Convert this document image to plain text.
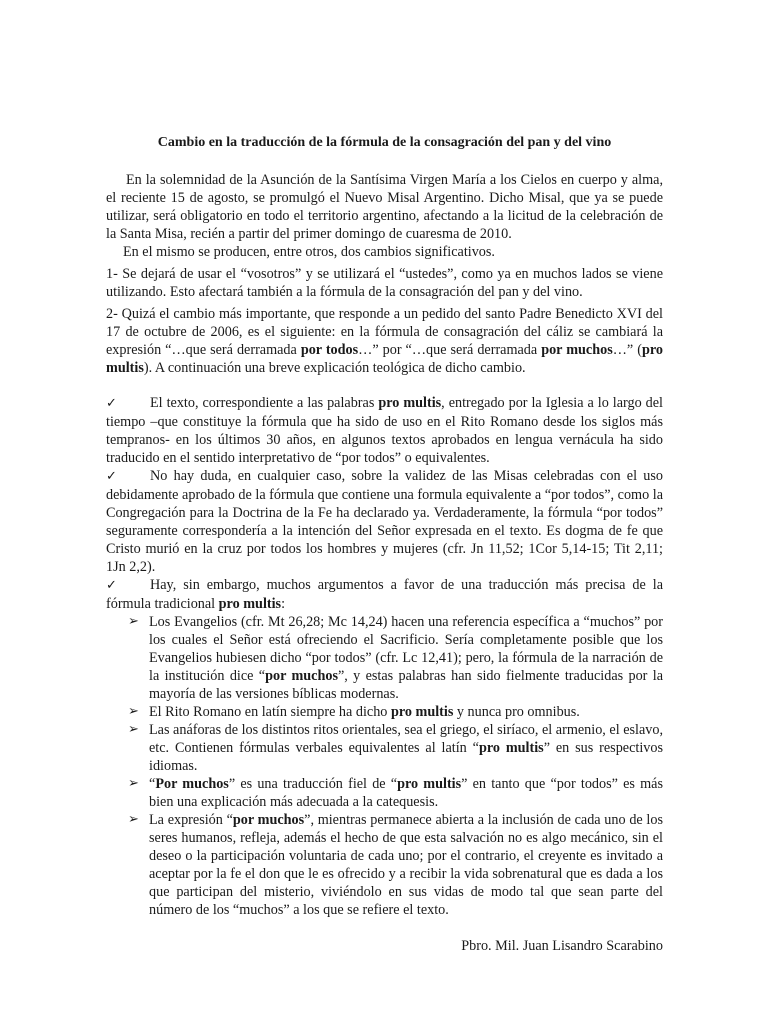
Cambio en la traducción de la fórmula de la consagración del pan y del vino

En la solemnidad de la Asunción de la Santísima Virgen María a los Cielos en cuerpo y alma, el reciente 15 de agosto, se promulgó el Nuevo Misal Argentino. Dicho Misal, que ya se puede utilizar, será obligatorio en todo el territorio argentino, afectando a la licitud de la celebración de la Santa Misa, recién a partir del primer domingo de cuaresma de 2010.

En el mismo se producen, entre otros, dos cambios significativos.

1- Se dejará de usar el “vosotros” y se utilizará el “ustedes”, como ya en muchos lados se viene utilizando. Esto afectará también a la fórmula de la consagración del pan y del vino.

2- Quizá el cambio más importante, que responde a un pedido del santo Padre Benedicto XVI del 17 de octubre de 2006, es el siguiente: en la fórmula de consagración del cáliz se cambiará la expresión “…que será derramada por todos…” por “…que será derramada por muchos…” (pro multis). A continuación una breve explicación teológica de dicho cambio.

✓ El texto, correspondiente a las palabras pro multis, entregado por la Iglesia a lo largo del tiempo –que constituye la fórmula que ha sido de uso en el Rito Romano desde los siglos más tempranos- en los últimos 30 años, en algunos textos aprobados en lengua vernácula ha sido traducido en el sentido interpretativo de “por todos” o equivalentes.

✓ No hay duda, en cualquier caso, sobre la validez de las Misas celebradas con el uso debidamente aprobado de la fórmula que contiene una formula equivalente a “por todos”, como la Congregación para la Doctrina de la Fe ha declarado ya. Verdaderamente, la fórmula “por todos” seguramente correspondería a la intención del Señor expresada en el texto. Es dogma de fe que Cristo murió en la cruz por todos los hombres y mujeres (cfr. Jn 11,52; 1Cor 5,14-15; Tit 2,11; 1Jn 2,2).

✓ Hay, sin embargo, muchos argumentos a favor de una traducción más precisa de la fórmula tradicional pro multis:

➢ Los Evangelios (cfr. Mt 26,28; Mc 14,24) hacen una referencia específica a “muchos” por los cuales el Señor está ofreciendo el Sacrificio. Sería completamente posible que los Evangelios hubiesen dicho “por todos” (cfr. Lc 12,41); pero, la fórmula de la narración de la institución dice “por muchos”, y estas palabras han sido fielmente traducidas por la mayoría de las versiones bíblicas modernas.
➢ El Rito Romano en latín siempre ha dicho pro multis y nunca pro omnibus.
➢ Las anáforas de los distintos ritos orientales, sea el griego, el siríaco, el armenio, el eslavo, etc. Contienen fórmulas verbales equivalentes al latín “pro multis” en sus respectivos idiomas.
➢ “Por muchos” es una traducción fiel de “pro multis” en tanto que “por todos” es más bien una explicación más adecuada a la catequesis.
➢ La expresión “por muchos”, mientras permanece abierta a la inclusión de cada uno de los seres humanos, refleja, además el hecho de que esta salvación no es algo mecánico, sin el deseo o la participación voluntaria de cada uno; por el contrario, el creyente es invitado a aceptar por la fe el don que le es ofrecido y a recibir la vida sobrenatural que es dada a los que participan del misterio, viviéndolo en sus vidas de modo tal que sean parte del número de los “muchos” a los que se refiere el texto.

Pbro. Mil. Juan Lisandro Scarabino
